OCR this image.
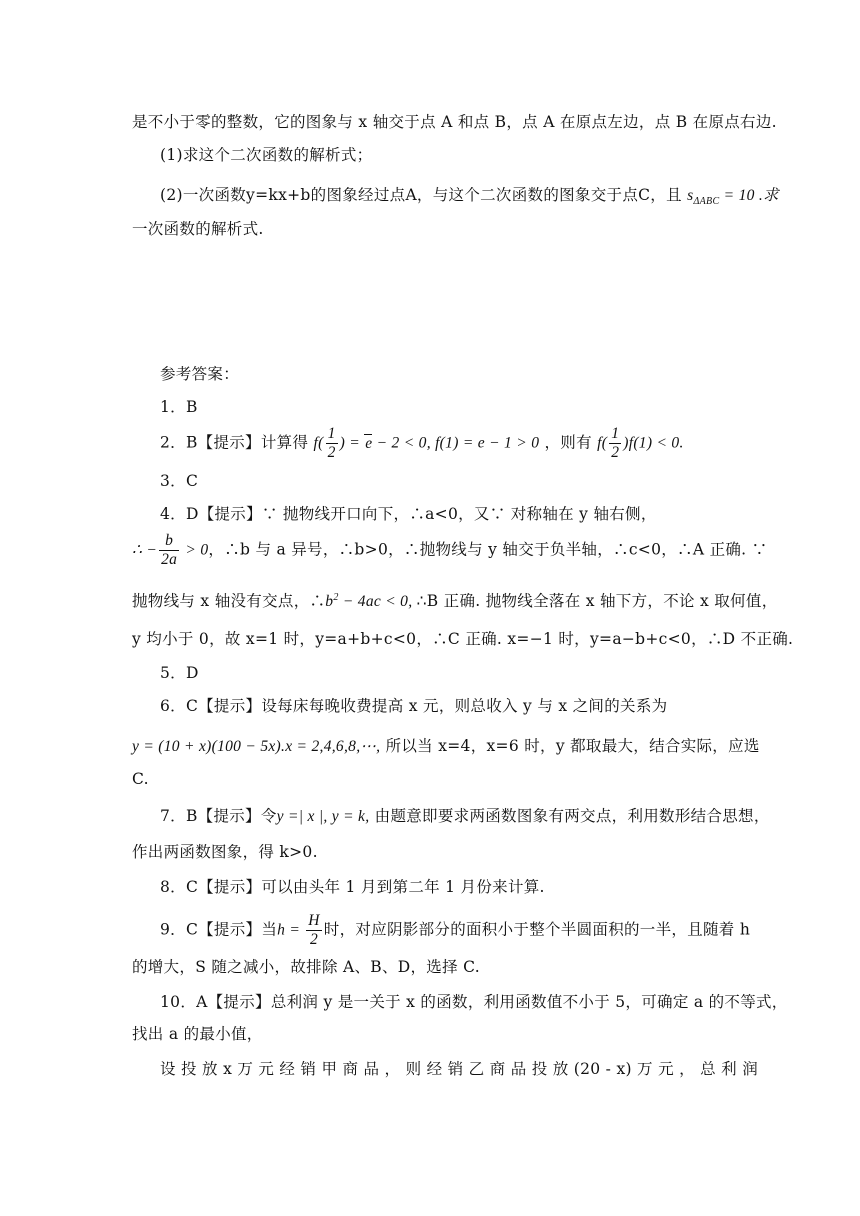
是不小于零的整数，它的图象与 x 轴交于点 A 和点 B，点 A 在原点左边，点 B 在原点右边.
(1)求这个二次函数的解析式；
(2)一次函数y=kx+b的图象经过点A，与这个二次函数的图象交于点C，且 $s_{\Delta ABC} = 10$ .求
一次函数的解析式.
参考答案：
1．B
2．B【提示】计算得 $f( \frac{1}{2}$ ) = e − 2 < 0, f(1) = e − 1 > 0 ，则有 $f( \frac{1}{2} )f(1) < 0$.
3．C
4．D【提示】∵ 抛物线开口向下，∴a<0，又∵ 对称轴在 y 轴右侧，
∴ − $\frac{b}{2a} > 0$，∴b 与 a 异号，∴b>0，∴抛物线与 y 轴交于负半轴，∴c<0，∴A 正确. ∵
抛物线与 x 轴没有交点，$\therefore b^2 - 4ac < 0$, ∴B 正确. 抛物线全落在 x 轴下方，不论 x 取何值，
y 均小于 0，故 x=1 时，y=a+b+c<0，∴C 正确. x=−1 时，y=a−b+c<0，∴D 不正确.
5．D
6．C【提示】设每床每晚收费提高 x 元，则总收入 y 与 x 之间的关系为
y = (10 + x)(100 − 5x).x = 2,4,6,8,⋯, 所以当 x=4，x=6 时，y 都取最大，结合实际，应选
C.
7．B【提示】令y =| x |, y = k, 由题意即要求两函数图象有两交点，利用数形结合思想，
作出两函数图象，得 k>0.
8．C【提示】可以由头年 1 月到第二年 1 月份来计算.
9．C【提示】当$h = \frac{H}{2}$ 时，对应阴影部分的面积小于整个半圆面积的一半，且随着 h
的增大，S 随之减小，故排除 A、B、D，选择 C.
10．A【提示】总利润 y 是一关于 x 的函数，利用函数值不小于 5，可确定 a 的不等式，
找出 a 的最小值，
设 投 放 x 万 元 经 销 甲 商 品 ， 则 经 销 乙 商 品 投 放 (20 - x) 万 元 ， 总 利 润
